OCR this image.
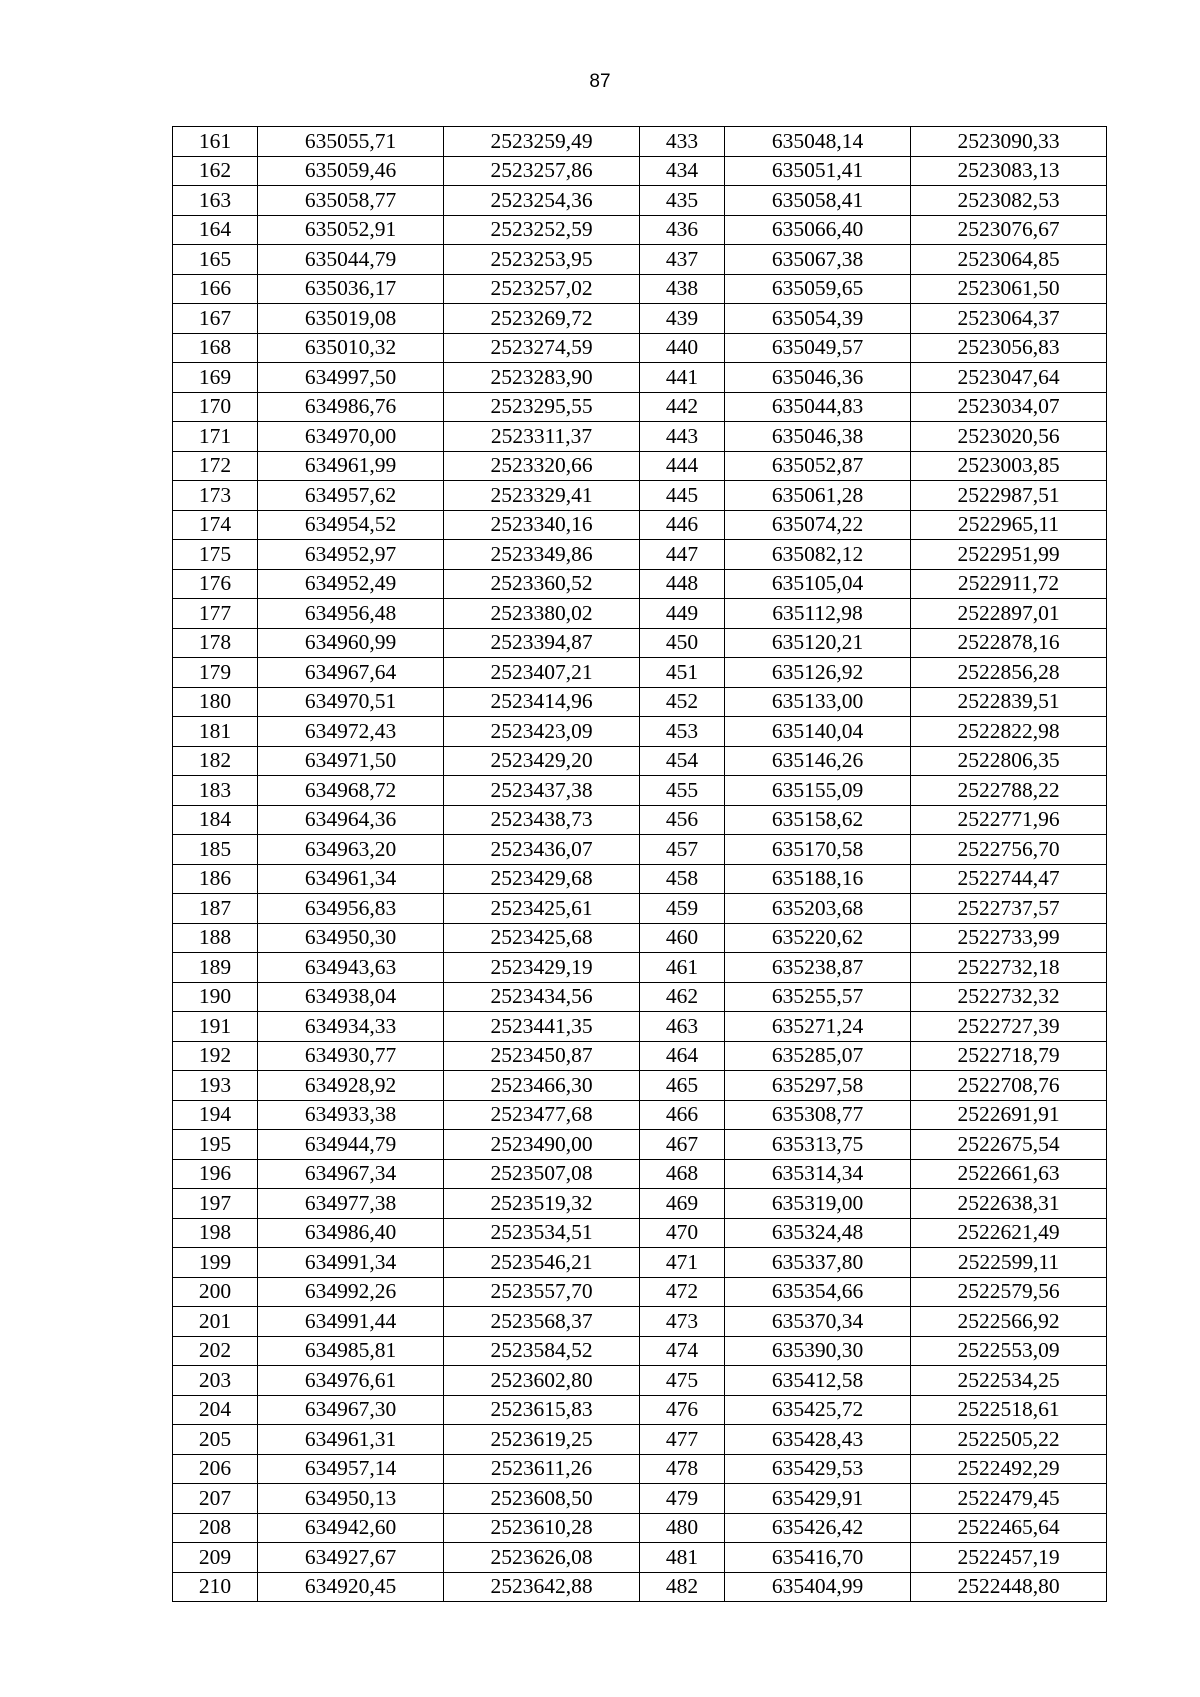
87
161	635055,71	2523259,49	433	635048,14	2523090,33
162	635059,46	2523257,86	434	635051,41	2523083,13
163	635058,77	2523254,36	435	635058,41	2523082,53
164	635052,91	2523252,59	436	635066,40	2523076,67
165	635044,79	2523253,95	437	635067,38	2523064,85
166	635036,17	2523257,02	438	635059,65	2523061,50
167	635019,08	2523269,72	439	635054,39	2523064,37
168	635010,32	2523274,59	440	635049,57	2523056,83
169	634997,50	2523283,90	441	635046,36	2523047,64
170	634986,76	2523295,55	442	635044,83	2523034,07
171	634970,00	2523311,37	443	635046,38	2523020,56
172	634961,99	2523320,66	444	635052,87	2523003,85
173	634957,62	2523329,41	445	635061,28	2522987,51
174	634954,52	2523340,16	446	635074,22	2522965,11
175	634952,97	2523349,86	447	635082,12	2522951,99
176	634952,49	2523360,52	448	635105,04	2522911,72
177	634956,48	2523380,02	449	635112,98	2522897,01
178	634960,99	2523394,87	450	635120,21	2522878,16
179	634967,64	2523407,21	451	635126,92	2522856,28
180	634970,51	2523414,96	452	635133,00	2522839,51
181	634972,43	2523423,09	453	635140,04	2522822,98
182	634971,50	2523429,20	454	635146,26	2522806,35
183	634968,72	2523437,38	455	635155,09	2522788,22
184	634964,36	2523438,73	456	635158,62	2522771,96
185	634963,20	2523436,07	457	635170,58	2522756,70
186	634961,34	2523429,68	458	635188,16	2522744,47
187	634956,83	2523425,61	459	635203,68	2522737,57
188	634950,30	2523425,68	460	635220,62	2522733,99
189	634943,63	2523429,19	461	635238,87	2522732,18
190	634938,04	2523434,56	462	635255,57	2522732,32
191	634934,33	2523441,35	463	635271,24	2522727,39
192	634930,77	2523450,87	464	635285,07	2522718,79
193	634928,92	2523466,30	465	635297,58	2522708,76
194	634933,38	2523477,68	466	635308,77	2522691,91
195	634944,79	2523490,00	467	635313,75	2522675,54
196	634967,34	2523507,08	468	635314,34	2522661,63
197	634977,38	2523519,32	469	635319,00	2522638,31
198	634986,40	2523534,51	470	635324,48	2522621,49
199	634991,34	2523546,21	471	635337,80	2522599,11
200	634992,26	2523557,70	472	635354,66	2522579,56
201	634991,44	2523568,37	473	635370,34	2522566,92
202	634985,81	2523584,52	474	635390,30	2522553,09
203	634976,61	2523602,80	475	635412,58	2522534,25
204	634967,30	2523615,83	476	635425,72	2522518,61
205	634961,31	2523619,25	477	635428,43	2522505,22
206	634957,14	2523611,26	478	635429,53	2522492,29
207	634950,13	2523608,50	479	635429,91	2522479,45
208	634942,60	2523610,28	480	635426,42	2522465,64
209	634927,67	2523626,08	481	635416,70	2522457,19
210	634920,45	2523642,88	482	635404,99	2522448,80
